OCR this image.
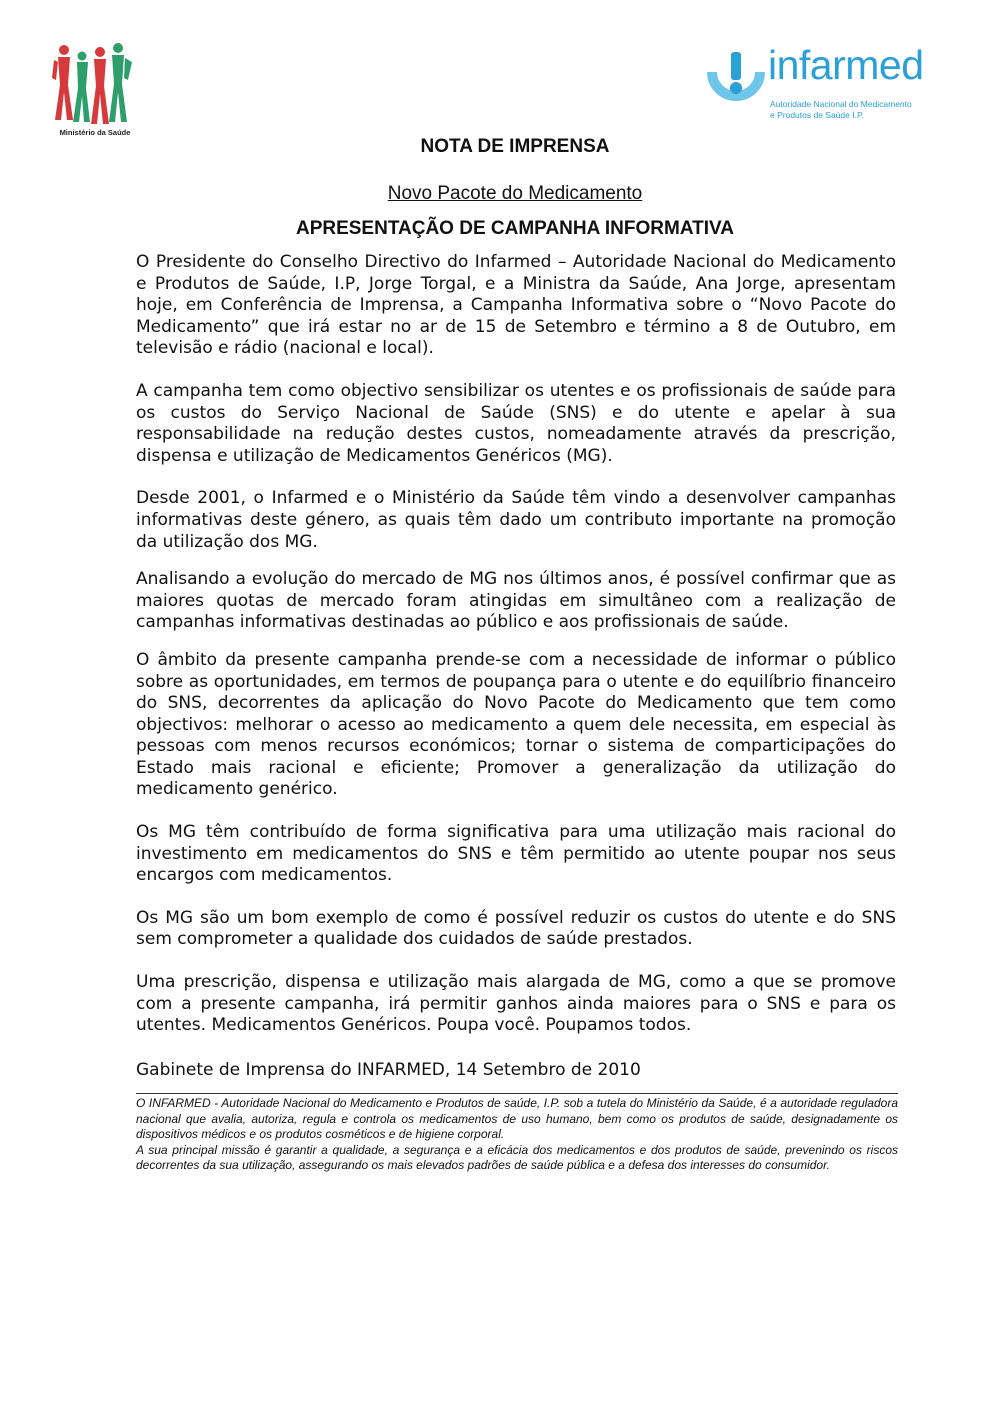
Ministério da Saúde
infarmed
Autoridade Nacional do Medicamento
e Produtos de Saúde I.P.
NOTA DE IMPRENSA
Novo Pacote do Medicamento
APRESENTAÇÃO DE CAMPANHA INFORMATIVA

O Presidente do Conselho Directivo do Infarmed – Autoridade Nacional do Medicamento e Produtos de Saúde, I.P, Jorge Torgal, e a Ministra da Saúde, Ana Jorge, apresentam hoje, em Conferência de Imprensa, a Campanha Informativa sobre o “Novo Pacote do Medicamento” que irá estar no ar de 15 de Setembro e término a 8 de Outubro, em televisão e rádio (nacional e local).

A campanha tem como objectivo sensibilizar os utentes e os profissionais de saúde para os custos do Serviço Nacional de Saúde (SNS) e do utente e apelar à sua responsabilidade na redução destes custos, nomeadamente através da prescrição, dispensa e utilização de Medicamentos Genéricos (MG).

Desde 2001, o Infarmed e o Ministério da Saúde têm vindo a desenvolver campanhas informativas deste género, as quais têm dado um contributo importante na promoção da utilização dos MG.

Analisando a evolução do mercado de MG nos últimos anos, é possível confirmar que as maiores quotas de mercado foram atingidas em simultâneo com a realização de campanhas informativas destinadas ao público e aos profissionais de saúde.

O âmbito da presente campanha prende-se com a necessidade de informar o público sobre as oportunidades, em termos de poupança para o utente e do equilíbrio financeiro do SNS, decorrentes da aplicação do Novo Pacote do Medicamento que tem como objectivos: melhorar o acesso ao medicamento a quem dele necessita, em especial às pessoas com menos recursos económicos; tornar o sistema de comparticipações do Estado mais racional e eficiente; Promover a generalização da utilização do medicamento genérico.

Os MG têm contribuído de forma significativa para uma utilização mais racional do investimento em medicamentos do SNS e têm permitido ao utente poupar nos seus encargos com medicamentos.

Os MG são um bom exemplo de como é possível reduzir os custos do utente e do SNS sem comprometer a qualidade dos cuidados de saúde prestados.

Uma prescrição, dispensa e utilização mais alargada de MG, como a que se promove com a presente campanha, irá permitir ganhos ainda maiores para o SNS e para os utentes. Medicamentos Genéricos. Poupa você. Poupamos todos.

Gabinete de Imprensa do INFARMED, 14 Setembro de 2010

O INFARMED - Autoridade Nacional do Medicamento e Produtos de saúde, I.P. sob a tutela do Ministério da Saúde, é a autoridade reguladora nacional que avalia, autoriza, regula e controla os medicamentos de uso humano, bem como os produtos de saúde, designadamente os dispositivos médicos e os produtos cosméticos e de higiene corporal.

A sua principal missão é garantir a qualidade, a segurança e a eficácia dos medicamentos e dos produtos de saúde, prevenindo os riscos decorrentes da sua utilização, assegurando os mais elevados padrões de saúde pública e a defesa dos interesses do consumidor.
